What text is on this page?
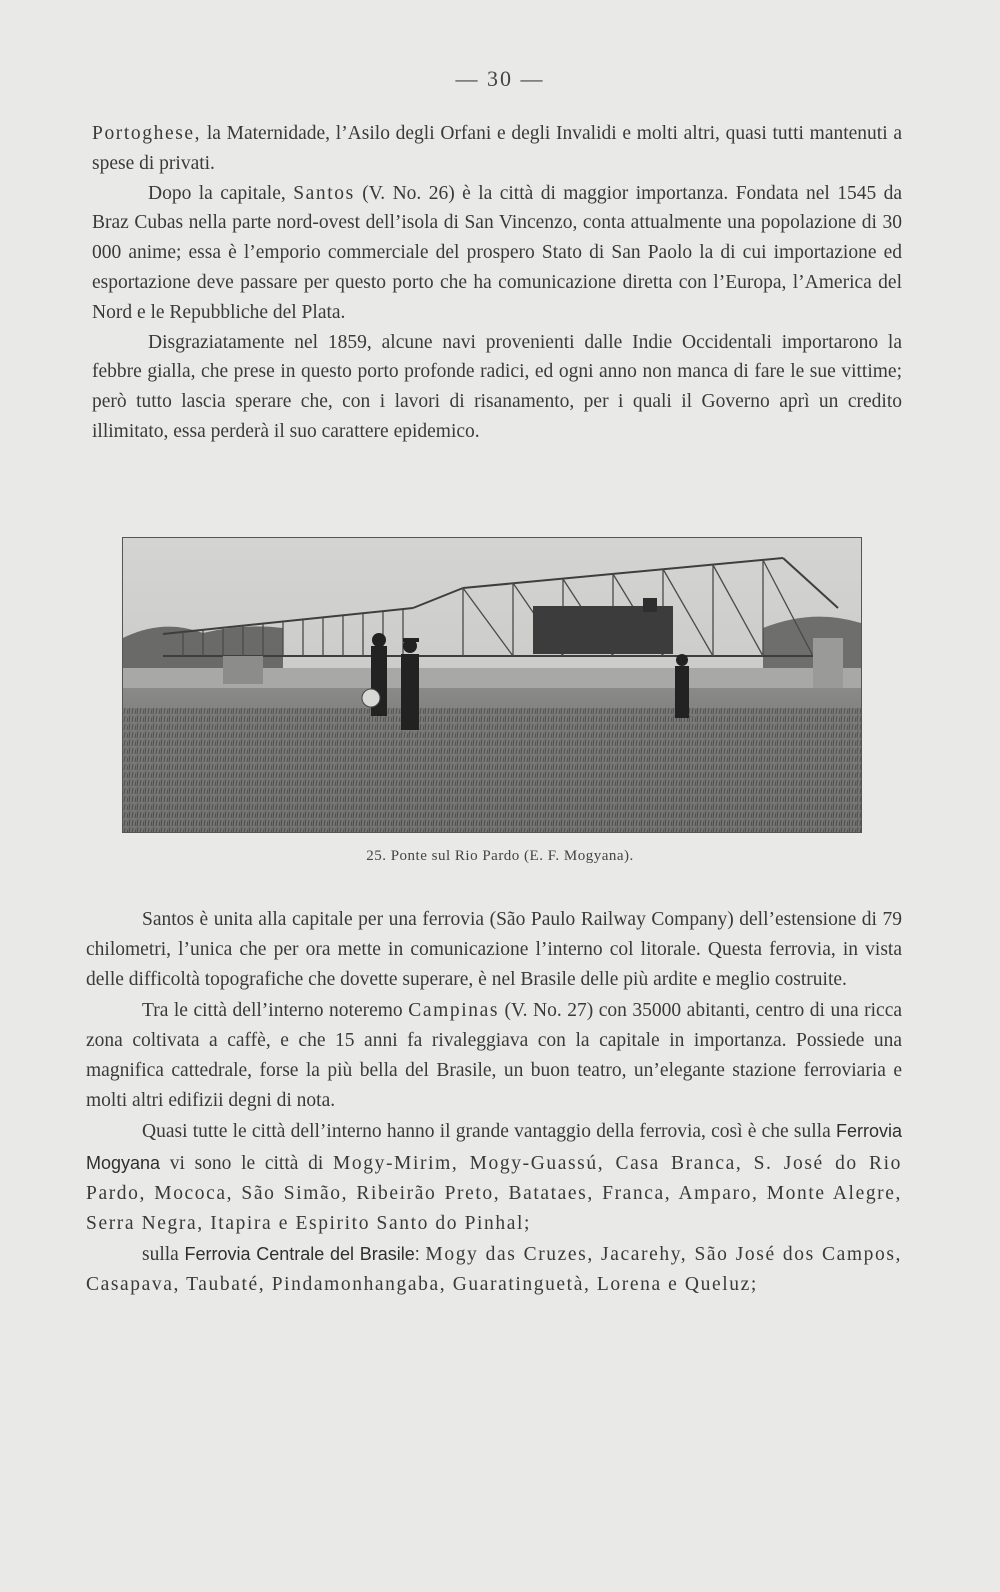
— 30 —

Portoghese, la Maternidade, l’Asilo degli Orfani e degli Invalidi e molti altri, quasi tutti mantenuti a spese di privati.

Dopo la capitale, Santos (V. No. 26) è la città di maggior importanza. Fondata nel 1545 da Braz Cubas nella parte nord-ovest dell’isola di San Vincenzo, conta attualmente una popolazione di 30 000 anime; essa è l’emporio commerciale del prospero Stato di San Paolo la di cui importazione ed esportazione deve passare per questo porto che ha comunicazione diretta con l’Europa, l’America del Nord e le Repubbliche del Plata.

Disgraziatamente nel 1859, alcune navi provenienti dalle Indie Occidentali importarono la febbre gialla, che prese in questo porto profonde radici, ed ogni anno non manca di fare le sue vittime; però tutto lascia sperare che, con i lavori di risanamento, per i quali il Governo aprì un credito illimitato, essa perderà il suo carattere epidemico.

25. Ponte sul Rio Pardo (E. F. Mogyana).

Santos è unita alla capitale per una ferrovia (São Paulo Railway Company) dell’estensione di 79 chilometri, l’unica che per ora mette in comunicazione l’interno col litorale. Questa ferrovia, in vista delle difficoltà topografiche che dovette superare, è nel Brasile delle più ardite e meglio costruite.

Tra le città dell’interno noteremo Campinas (V. No. 27) con 35000 abitanti, centro di una ricca zona coltivata a caffè, e che 15 anni fa rivaleggiava con la capitale in importanza. Possiede una magnifica cattedrale, forse la più bella del Brasile, un buon teatro, un’elegante stazione ferroviaria e molti altri edifizii degni di nota.

Quasi tutte le città dell’interno hanno il grande vantaggio della ferrovia, così è che sulla Ferrovia Mogyana vi sono le città di Mogy-Mirim, Mogy-Guassú, Casa Branca, S. José do Rio Pardo, Mococa, São Simão, Ribeirão Preto, Batataes, Franca, Amparo, Monte Alegre, Serra Negra, Itapira e Espirito Santo do Pinhal;

sulla Ferrovia Centrale del Brasile: Mogy das Cruzes, Jacarehy, São José dos Campos, Casapava, Taubaté, Pindamonhangaba, Guaratinguetà, Lorena e Queluz;
